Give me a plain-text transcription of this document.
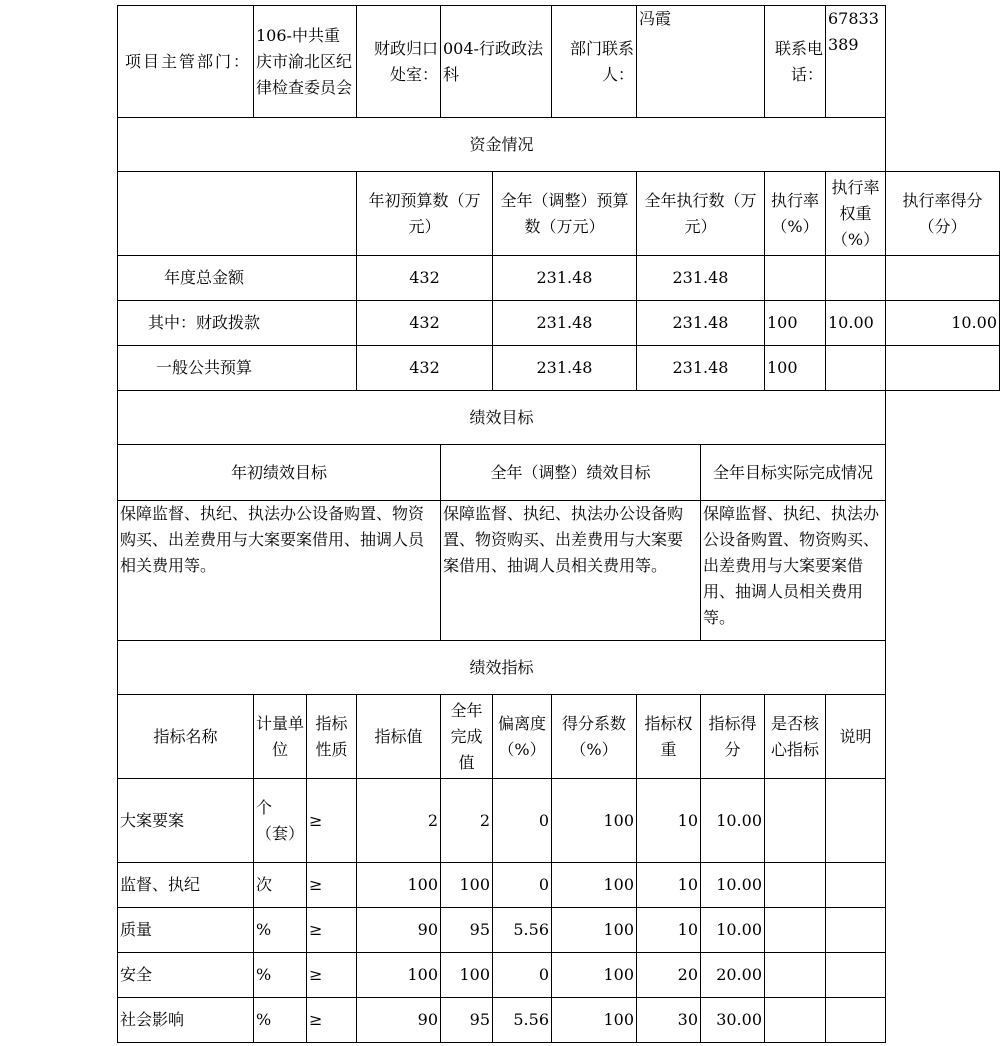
项目主管部门：	106-中共重庆市渝北区纪律检查委员会		财政归口处室：	004-行政政法科		部门联系人：	冯霞		联系电话：	67833389	
资金情况											
			年初预算数（万元）		全年（调整）预算数（万元）		全年执行数（万元）		执行率（%）	执行率权重（%）	执行率得分（分）
年度总金额			432		231.48		231.48				
其中：财政拨款			432		231.48		231.48		100	10.00	10.00
一般公共预算			432		231.48		231.48		100		
绩效目标											
年初绩效目标				全年（调整）绩效目标				全年目标实际完成情况			
保障监督、执纪、执法办公设备购置、物资购买、出差费用与大案要案借用、抽调人员相关费用等。				保障监督、执纪、执法办公设备购置、物资购买、出差费用与大案要案借用、抽调人员相关费用等。				保障监督、执纪、执法办公设备购置、物资购买、出差费用与大案要案借用、抽调人员相关费用等。			
绩效指标											
指标名称	计量单位	指标性质	指标值	全年完成值	偏离度（%）	得分系数（%）	指标权重	指标得分	是否核心指标	说明	
大案要案	个（套）	≥	2	2	0	100	10	10.00			
监督、执纪	次	≥	100	100	0	100	10	10.00			
质量	%	≥	90	95	5.56	100	10	10.00			
安全	%	≥	100	100	0	100	20	20.00			
社会影响	%	≥	90	95	5.56	100	30	30.00			
